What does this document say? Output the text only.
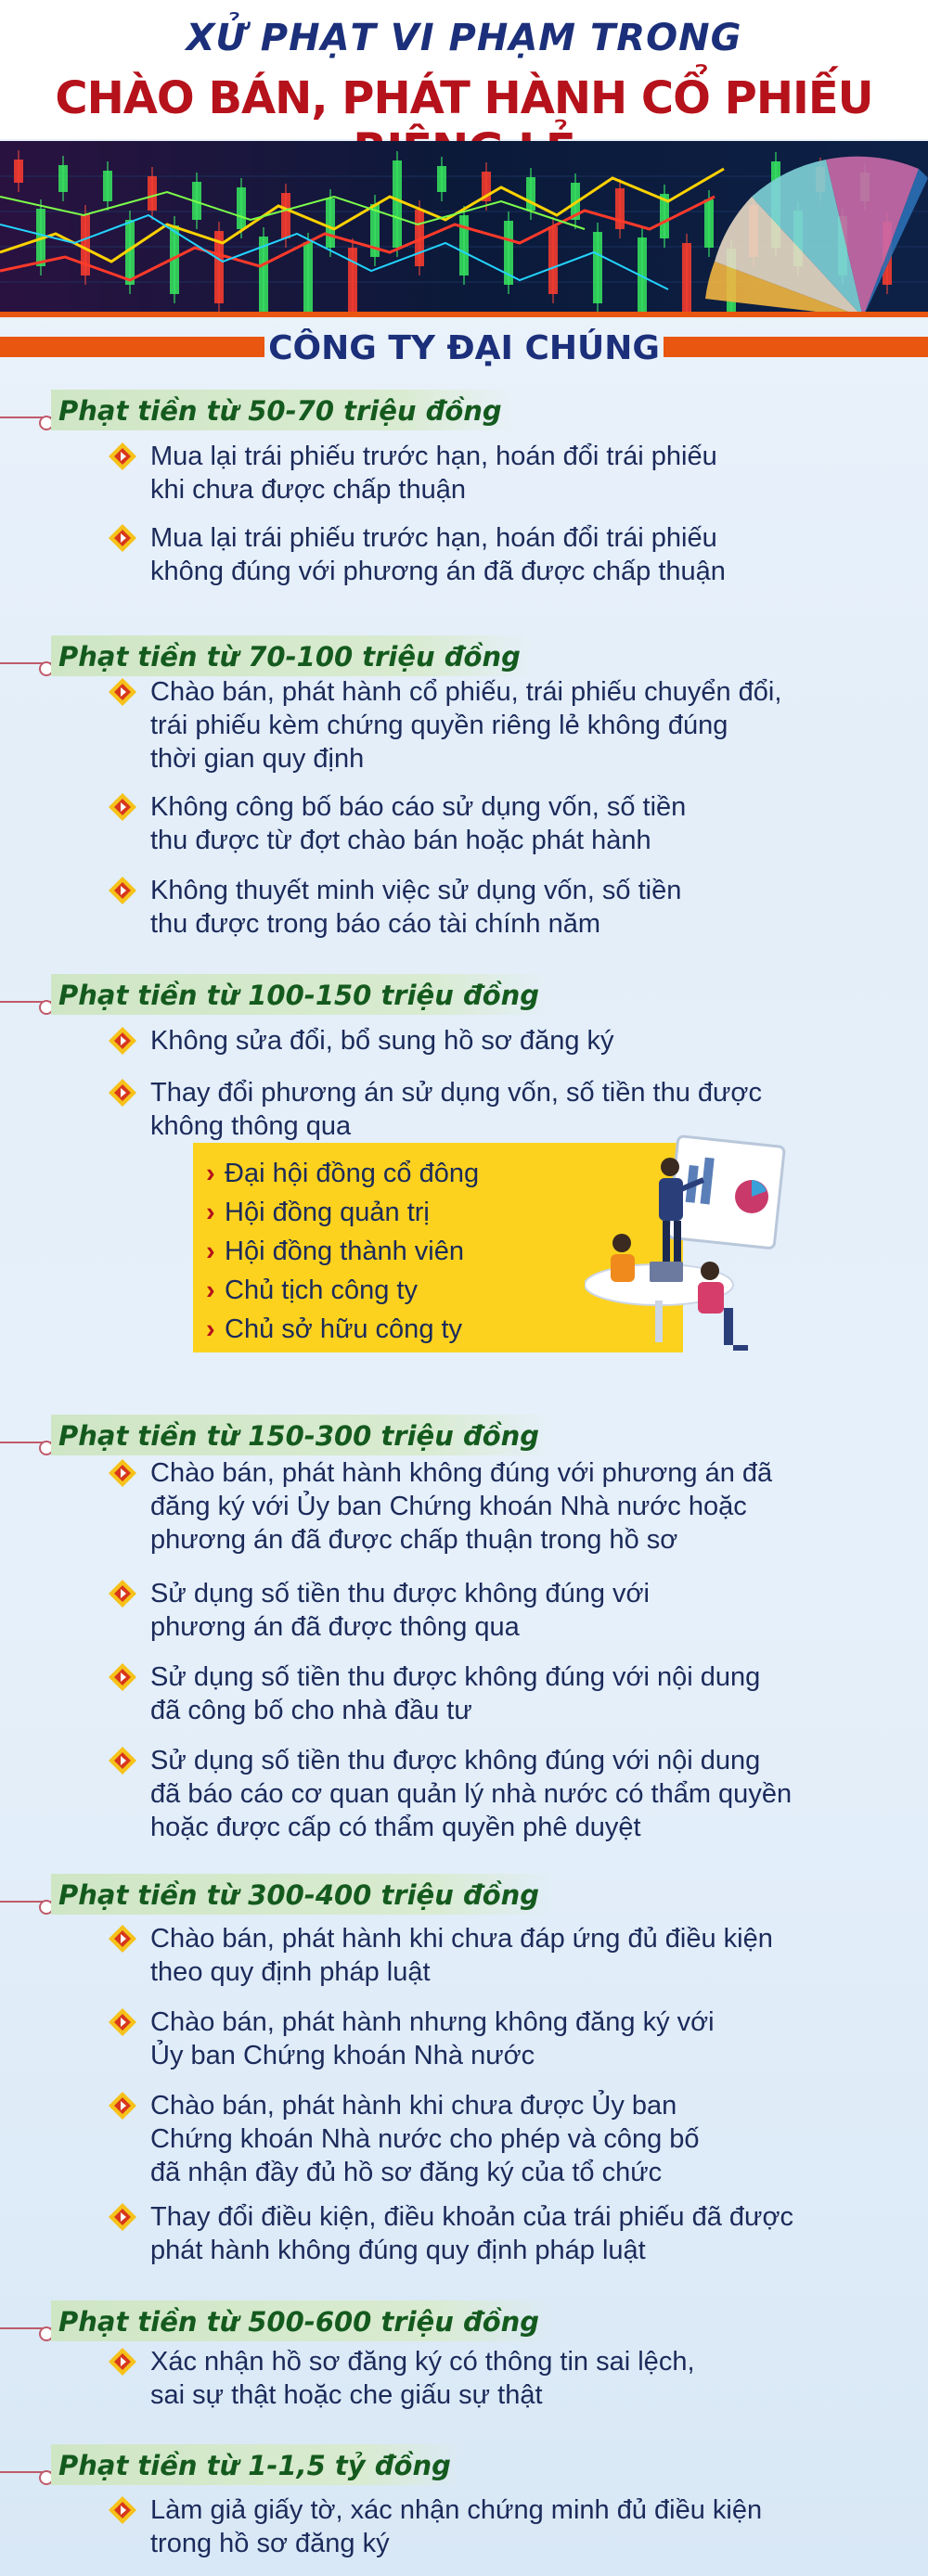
XỬ PHẠT VI PHẠM TRONG
CHÀO BÁN, PHÁT HÀNH CỔ PHIẾU
CÔNG TY ĐẠI CHÚNG
Phạt tiền từ 50-70 triệu đồng
Mua lại trái phiếu trước hạn, hoán đổi trái phiếu
khi chưa được chấp thuận
Mua lại trái phiếu trước hạn, hoán đổi trái phiếu
không đúng với phương án đã được chấp thuận
Phạt tiền từ 70-100 triệu đồng
Chào bán, phát hành cổ phiếu, trái phiếu chuyển đổi,
trái phiếu kèm chứng quyền riêng lẻ không đúng
thời gian quy định
Không công bố báo cáo sử dụng vốn, số tiền
thu được từ đợt chào bán hoặc phát hành
Không thuyết minh việc sử dụng vốn, số tiền
thu được trong báo cáo tài chính năm
Phạt tiền từ 100-150 triệu đồng
Không sửa đổi, bổ sung hồ sơ đăng ký
Thay đổi phương án sử dụng vốn, số tiền thu được
không thông qua
Phạt tiền từ 150-300 triệu đồng
Chào bán, phát hành không đúng với phương án đã
đăng ký với Ủy ban Chứng khoán Nhà nước hoặc
phương án đã được chấp thuận trong hồ sơ
Sử dụng số tiền thu được không đúng với
phương án đã được thông qua
Sử dụng số tiền thu được không đúng với nội dung
đã công bố cho nhà đầu tư
Sử dụng số tiền thu được không đúng với nội dung
đã báo cáo cơ quan quản lý nhà nước có thẩm quyền
hoặc được cấp có thẩm quyền phê duyệt
Phạt tiền từ 300-400 triệu đồng
Chào bán, phát hành khi chưa đáp ứng đủ điều kiện
theo quy định pháp luật
Chào bán, phát hành nhưng không đăng ký với
Ủy ban Chứng khoán Nhà nước
Chào bán, phát hành khi chưa được Ủy ban
Chứng khoán Nhà nước cho phép và công bố
đã nhận đầy đủ hồ sơ đăng ký của tổ chức
Thay đổi điều kiện, điều khoản của trái phiếu đã được
phát hành không đúng quy định pháp luật
Phạt tiền từ 500-600 triệu đồng
Xác nhận hồ sơ đăng ký có thông tin sai lệch,
sai sự thật hoặc che giấu sự thật
Phạt tiền từ 1-1,5 tỷ đồng
Làm giả giấy tờ, xác nhận chứng minh đủ điều kiện
trong hồ sơ đăng ký
› Đại hội đồng cổ đông
› Hội đồng quản trị
› Hội đồng thành viên
› Chủ tịch công ty
› Chủ sở hữu công ty
